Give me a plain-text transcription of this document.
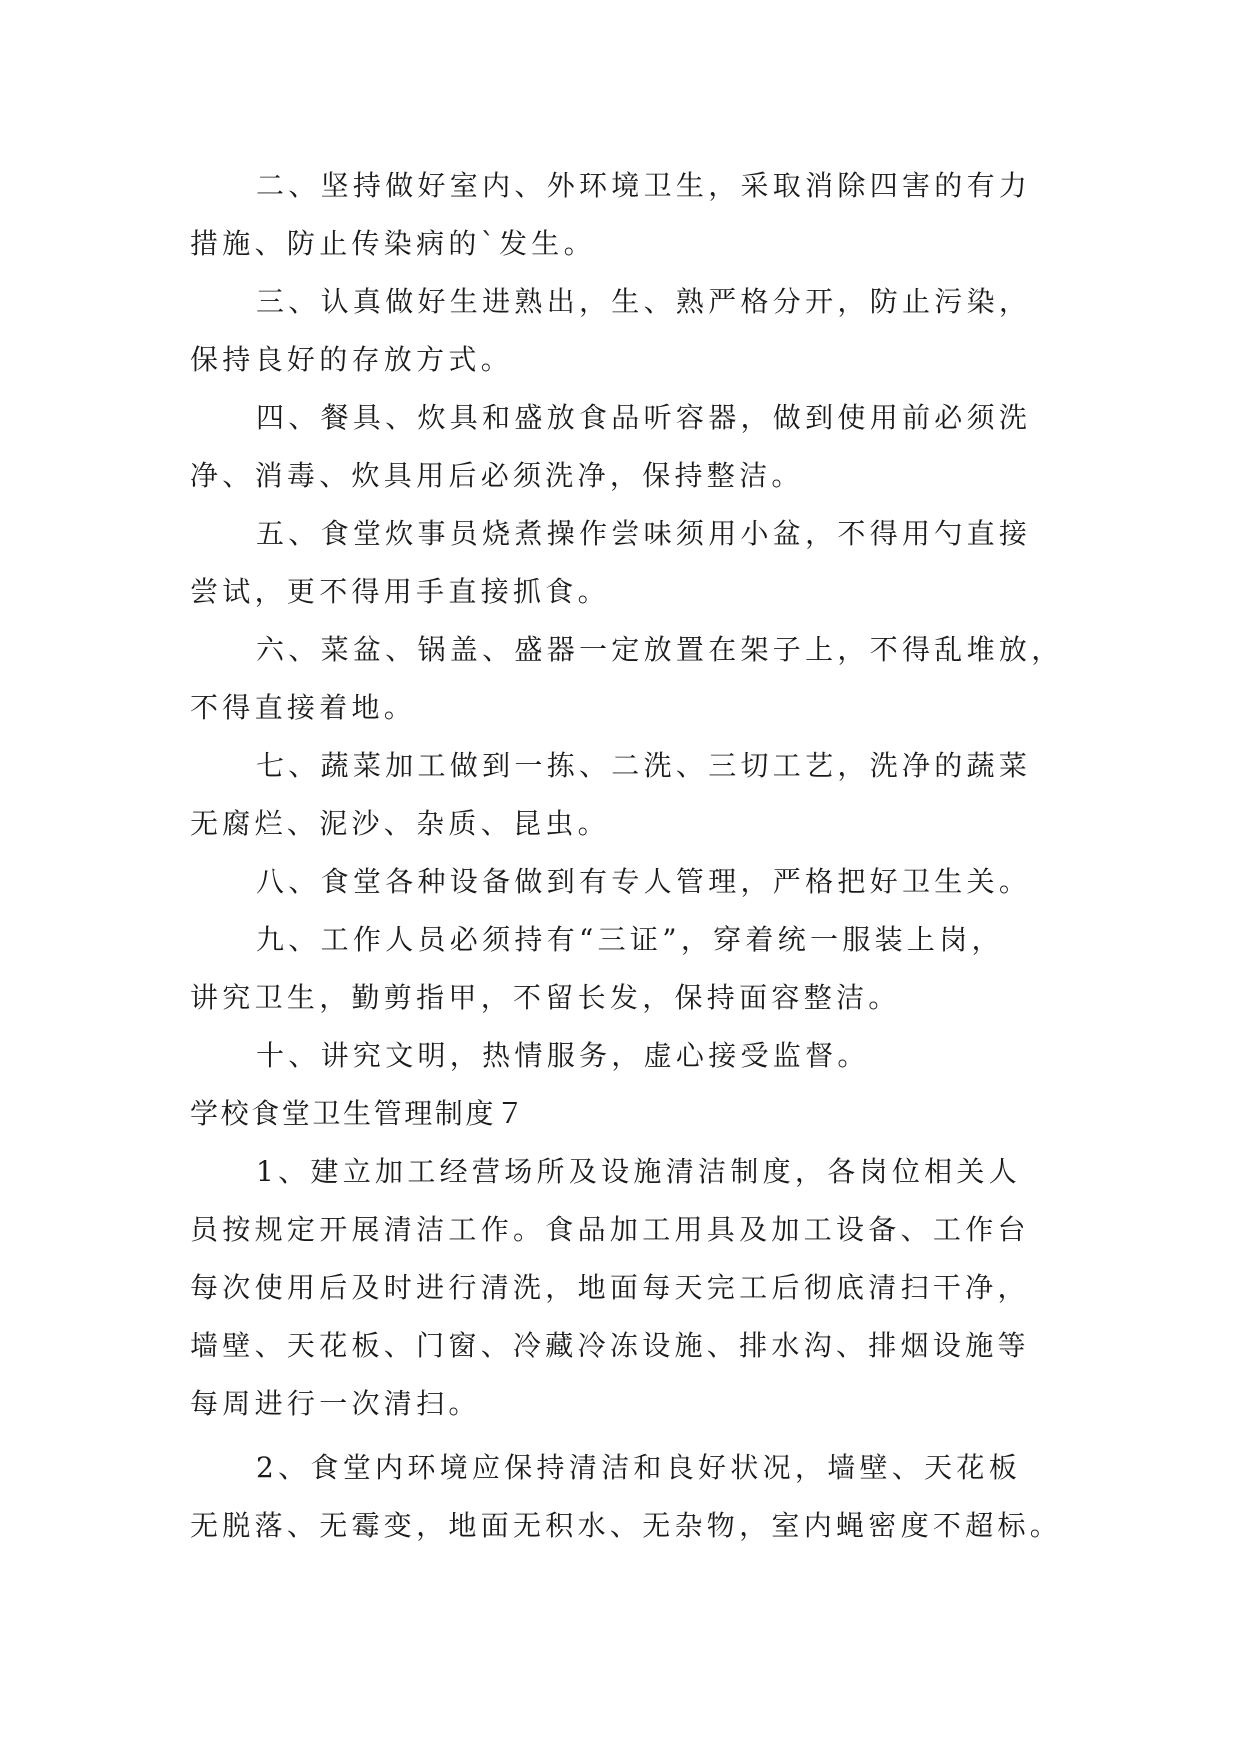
二、坚持做好室内、外环境卫生，采取消除四害的有力
措施、防止传染病的`发生。

三、认真做好生进熟出，生、熟严格分开，防止污染，
保持良好的存放方式。

四、餐具、炊具和盛放食品听容器，做到使用前必须洗
净、消毒、炊具用后必须洗净，保持整洁。

五、食堂炊事员烧煮操作尝味须用小盆，不得用勺直接
尝试，更不得用手直接抓食。

六、菜盆、锅盖、盛器一定放置在架子上，不得乱堆放，
不得直接着地。

七、蔬菜加工做到一拣、二洗、三切工艺，洗净的蔬菜
无腐烂、泥沙、杂质、昆虫。

八、食堂各种设备做到有专人管理，严格把好卫生关。

九、工作人员必须持有“三证”，穿着统一服装上岗，
讲究卫生，勤剪指甲，不留长发，保持面容整洁。

十、讲究文明，热情服务，虚心接受监督。

学校食堂卫生管理制度７

1、建立加工经营场所及设施清洁制度，各岗位相关人
员按规定开展清洁工作。食品加工用具及加工设备、工作台
每次使用后及时进行清洗，地面每天完工后彻底清扫干净，
墙壁、天花板、门窗、冷藏冷冻设施、排水沟、排烟设施等
每周进行一次清扫。

2、食堂内环境应保持清洁和良好状况，墙壁、天花板
无脱落、无霉变，地面无积水、无杂物，室内蝇密度不超标。
